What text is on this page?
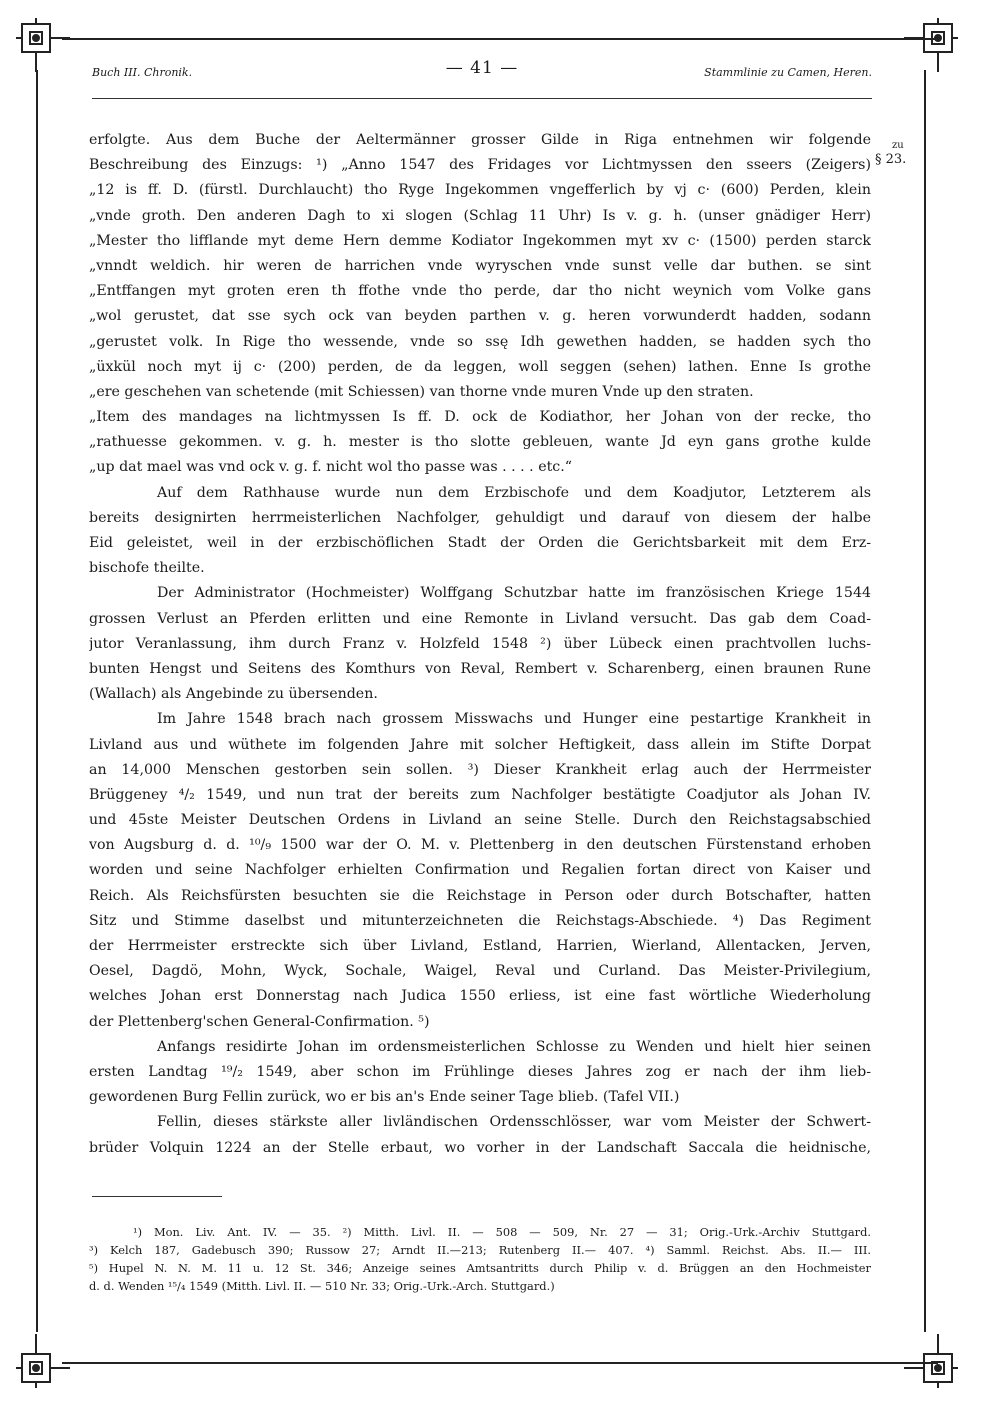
Buch III. Chronik.	— 41 —	Stammlinie zu Camen, Heren.
zu
§ 23.
erfolgte. Aus dem Buche der Aeltermänner grosser Gilde in Riga entnehmen wir folgende
Beschreibung des Einzugs: ¹) „Anno 1547 des Fridages vor Lichtmyssen den sseers (Zeigers)
„12 is ff. D. (fürstl. Durchlaucht) tho Ryge Ingekommen vngefferlich by vj c· (600) Perden, klein
„vnde groth. Den anderen Dagh to xi slogen (Schlag 11 Uhr) Is v. g. h. (unser gnädiger Herr)
„Mester tho lifflande myt deme Hern demme Kodiator Ingekommen myt xv c· (1500) perden starck
„vnndt weldich. hir weren de harrichen vnde wyryschen vnde sunst velle dar buthen. se sint
„Entffangen myt groten eren th ffothe vnde tho perde, dar tho nicht weynich vom Volke gans
„wol gerustet, dat sse sych ock van beyden parthen v. g. heren vorwunderdt hadden, sodann
„gerustet volk. In Rige tho wessende, vnde so ssę Idh gewethen hadden, se hadden sych tho
„üxkül noch myt ij c· (200) perden, de da leggen, woll seggen (sehen) lathen. Enne Is grothe
„ere geschehen van schetende (mit Schiessen) van thorne vnde muren Vnde up den straten.
„Item des mandages na lichtmyssen Is ff. D. ock de Kodiathor, her Johan von der recke, tho
„rathuesse gekommen. v. g. h. mester is tho slotte gebleuen, wante Jd eyn gans grothe kulde
„up dat mael was vnd ock v. g. f. nicht wol tho passe was . . . . etc.“
Auf dem Rathhause wurde nun dem Erzbischofe und dem Koadjutor, Letzterem als
bereits designirten herrmeisterlichen Nachfolger, gehuldigt und darauf von diesem der halbe
Eid geleistet, weil in der erzbischöflichen Stadt der Orden die Gerichtsbarkeit mit dem Erz-
bischofe theilte.
Der Administrator (Hochmeister) Wolffgang Schutzbar hatte im französischen Kriege 1544
grossen Verlust an Pferden erlitten und eine Remonte in Livland versucht. Das gab dem Coad-
jutor Veranlassung, ihm durch Franz v. Holzfeld 1548 ²) über Lübeck einen prachtvollen luchs-
bunten Hengst und Seitens des Komthurs von Reval, Rembert v. Scharenberg, einen braunen Rune
(Wallach) als Angebinde zu übersenden.
Im Jahre 1548 brach nach grossem Misswachs und Hunger eine pestartige Krankheit in
Livland aus und wüthete im folgenden Jahre mit solcher Heftigkeit, dass allein im Stifte Dorpat
an 14,000 Menschen gestorben sein sollen. ³) Dieser Krankheit erlag auch der Herrmeister
Brüggeney ⁴/₂ 1549, und nun trat der bereits zum Nachfolger bestätigte Coadjutor als Johan IV.
und 45ste Meister Deutschen Ordens in Livland an seine Stelle. Durch den Reichstagsabschied
von Augsburg d. d. ¹⁰/₉ 1500 war der O. M. v. Plettenberg in den deutschen Fürstenstand erhoben
worden und seine Nachfolger erhielten Confirmation und Regalien fortan direct von Kaiser und
Reich. Als Reichsfürsten besuchten sie die Reichstage in Person oder durch Botschafter, hatten
Sitz und Stimme daselbst und mitunterzeichneten die Reichstags-Abschiede. ⁴) Das Regiment
der Herrmeister erstreckte sich über Livland, Estland, Harrien, Wierland, Allentacken, Jerven,
Oesel, Dagdö, Mohn, Wyck, Sochale, Waigel, Reval und Curland. Das Meister-Privilegium,
welches Johan erst Donnerstag nach Judica 1550 erliess, ist eine fast wörtliche Wiederholung
der Plettenberg'schen General-Confirmation. ⁵)
Anfangs residirte Johan im ordensmeisterlichen Schlosse zu Wenden und hielt hier seinen
ersten Landtag ¹⁹/₂ 1549, aber schon im Frühlinge dieses Jahres zog er nach der ihm lieb-
gewordenen Burg Fellin zurück, wo er bis an's Ende seiner Tage blieb. (Tafel VII.)
Fellin, dieses stärkste aller livländischen Ordensschlösser, war vom Meister der Schwert-
brüder Volquin 1224 an der Stelle erbaut, wo vorher in der Landschaft Saccala die heidnische,
¹) Mon. Liv. Ant. IV. — 35. ²) Mitth. Livl. II. — 508 — 509, Nr. 27 — 31; Orig.-Urk.-Archiv Stuttgard.
³) Kelch 187, Gadebusch 390; Russow 27; Arndt II.—213; Rutenberg II.— 407. ⁴) Samml. Reichst. Abs. II.— III.
⁵) Hupel N. N. M. 11 u. 12 St. 346; Anzeige seines Amtsantritts durch Philip v. d. Brüggen an den Hochmeister
d. d. Wenden ¹⁵/₄ 1549 (Mitth. Livl. II. — 510 Nr. 33; Orig.-Urk.-Arch. Stuttgard.)
